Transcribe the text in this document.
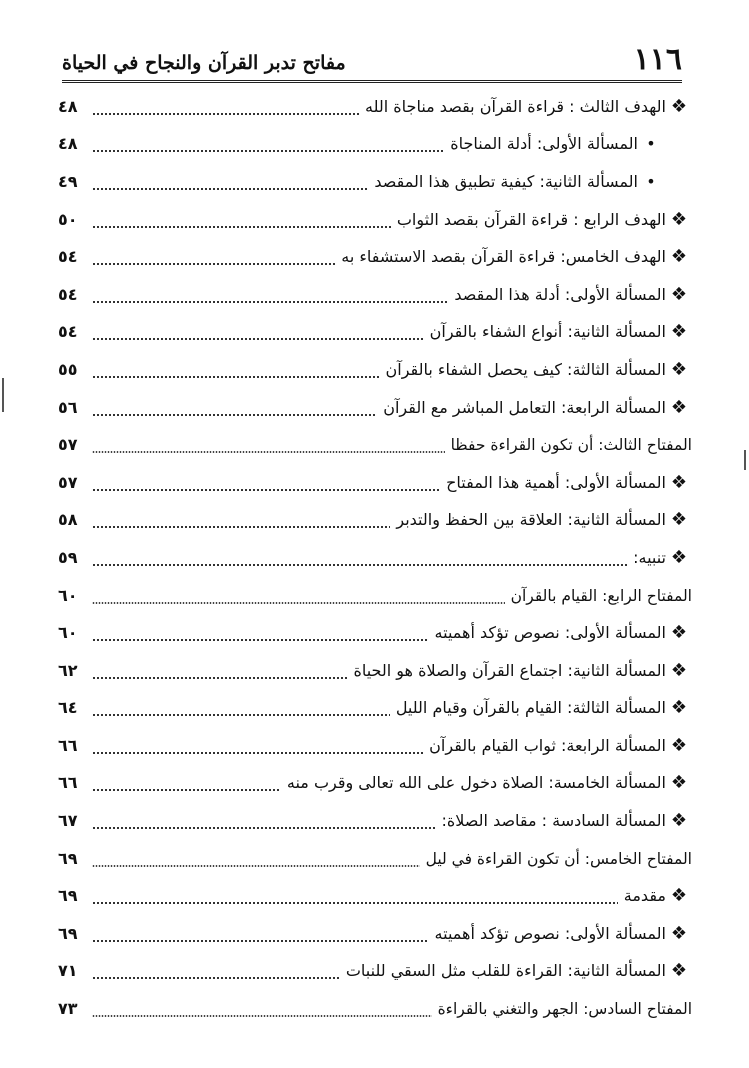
١١٦
مفاتح تدبر القرآن والنجاح في الحياة
❖
الهدف الثالث : قراءة القرآن بقصد مناجاة الله
٤٨
•
المسألة الأولى: أدلة المناجاة
٤٨
•
المسألة الثانية: كيفية تطبيق هذا المقصد
٤٩
❖
الهدف الرابع : قراءة القرآن بقصد الثواب
٥٠
❖
الهدف الخامس: قراءة القرآن بقصد الاستشفاء به
٥٤
❖
المسألة الأولى: أدلة هذا المقصد
٥٤
❖
المسألة الثانية: أنواع الشفاء بالقرآن
٥٤
❖
المسألة الثالثة: كيف يحصل الشفاء بالقرآن
٥٥
❖
المسألة الرابعة: التعامل المباشر مع القرآن
٥٦
المفتاح الثالث: أن تكون القراءة حفظا
٥٧
❖
المسألة الأولى: أهمية هذا المفتاح
٥٧
❖
المسألة الثانية: العلاقة بين الحفظ والتدبر
٥٨
❖
تنبيه:
٥٩
المفتاح الرابع: القيام بالقرآن
٦٠
❖
المسألة الأولى: نصوص تؤكد أهميته
٦٠
❖
المسألة الثانية: اجتماع القرآن والصلاة هو الحياة
٦٢
❖
المسألة الثالثة: القيام بالقرآن وقيام الليل
٦٤
❖
المسألة الرابعة: ثواب القيام بالقرآن
٦٦
❖
المسألة الخامسة: الصلاة دخول على الله تعالى وقرب منه
٦٦
❖
المسألة السادسة : مقاصد الصلاة:
٦٧
المفتاح الخامس: أن تكون القراءة في ليل
٦٩
❖
مقدمة
٦٩
❖
المسألة الأولى: نصوص تؤكد أهميته
٦٩
❖
المسألة الثانية: القراءة للقلب مثل السقي للنبات
٧١
المفتاح السادس: الجهر والتغني بالقراءة
٧٣
